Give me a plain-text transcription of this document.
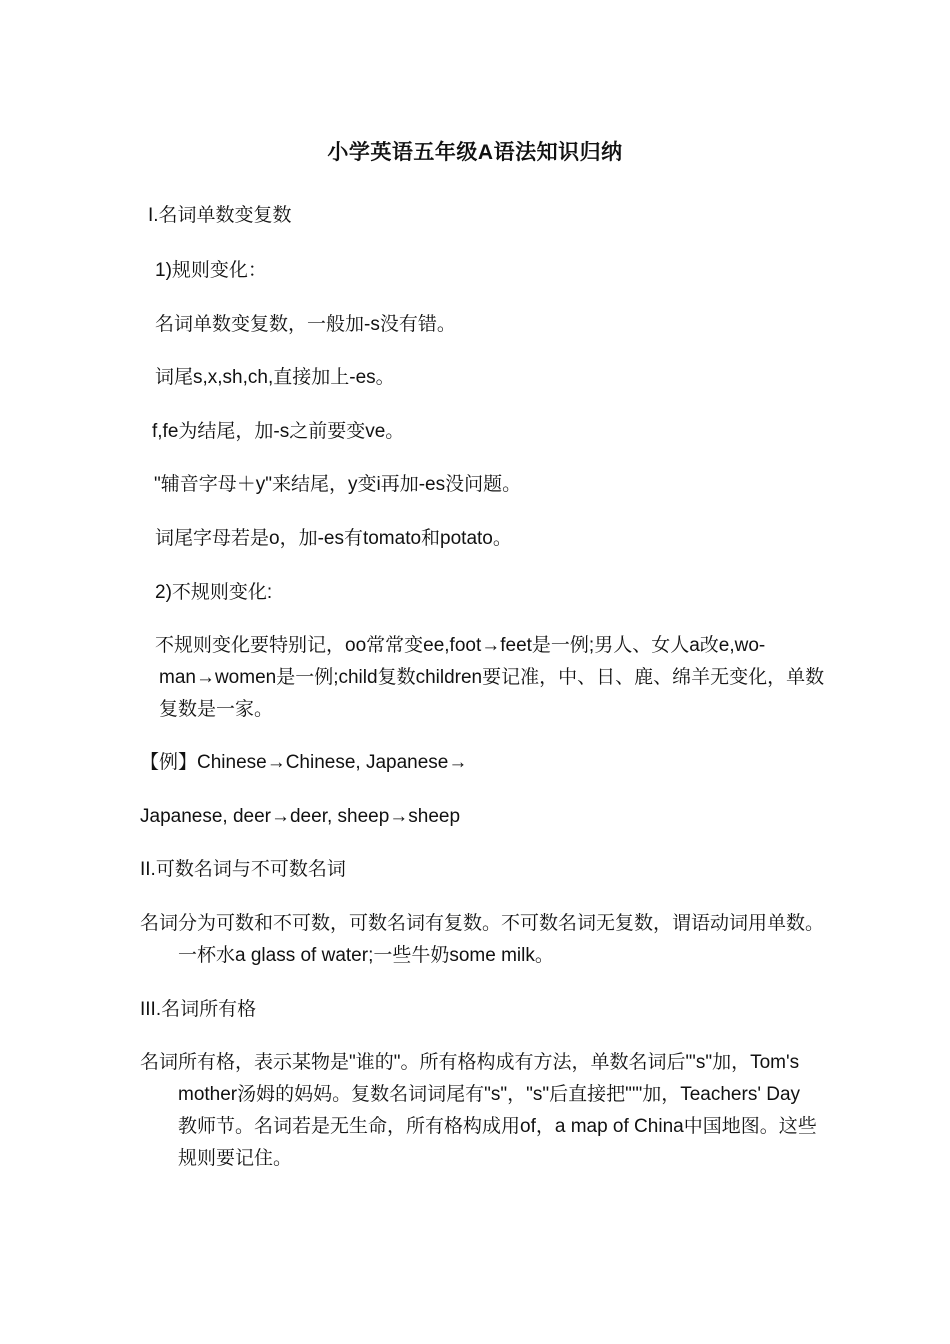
小学英语五年级A语法知识归纳
I.名词单数变复数
1)规则变化：
名词单数变复数，一般加-s没有错。
词尾s,x,sh,ch,直接加上-es。
f,fe为结尾，加-s之前要变ve。
"辅音字母＋y"来结尾，y变i再加-es没问题。
词尾字母若是o，加-es有tomato和potato。
2)不规则变化:
不规则变化要特别记，oo常常变ee,foot→feet是一例;男人、女人a改e,wo-
man→women是一例;child复数children要记准，中、日、鹿、绵羊无变化，单数
复数是一家。
【例】Chinese→Chinese, Japanese→
Japanese, deer→deer, sheep→sheep
II.可数名词与不可数名词
名词分为可数和不可数，可数名词有复数。不可数名词无复数，谓语动词用单数。
一杯水a glass of water;一些牛奶some milk。
III.名词所有格
名词所有格，表示某物是"谁的"。所有格构成有方法，单数名词后"'s"加，Tom's
mother汤姆的妈妈。复数名词词尾有"s"，"s"后直接把"'"加，Teachers' Day
教师节。名词若是无生命，所有格构成用of，a map of China中国地图。这些
规则要记住。
